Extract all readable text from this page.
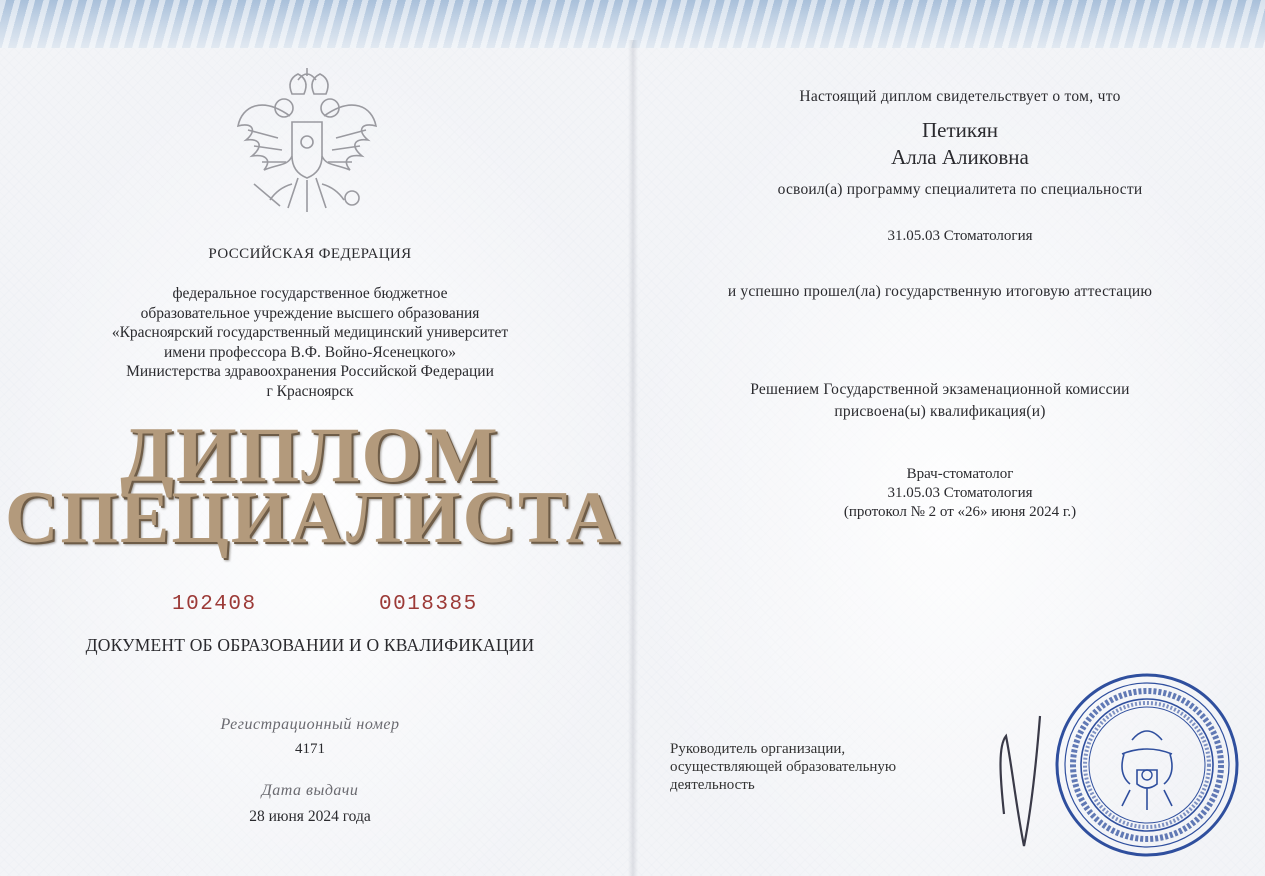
РОССИЙСКАЯ ФЕДЕРАЦИЯ
федеральное государственное бюджетное
образовательное учреждение высшего образования
«Красноярский государственный медицинский университет
имени профессора В.Ф. Войно-Ясенецкого»
Министерства здравоохранения Российской Федерации
г Красноярск
ДИПЛОМ
СПЕЦИАЛИСТА
102408	0018385
ДОКУМЕНТ ОБ ОБРАЗОВАНИИ И О КВАЛИФИКАЦИИ
Регистрационный номер
4171
Дата выдачи
28 июня 2024 года
Настоящий диплом свидетельствует о том, что
Петикян
Алла Аликовна
освоил(а) программу специалитета по специальности
31.05.03 Стоматология
и успешно прошел(ла) государственную итоговую аттестацию
Решением Государственной экзаменационной комиссии
присвоена(ы) квалификация(и)
Врач-стоматолог
31.05.03 Стоматология
(протокол № 2 от «26» июня 2024 г.)
Руководитель организации,
осуществляющей образовательную
деятельность
